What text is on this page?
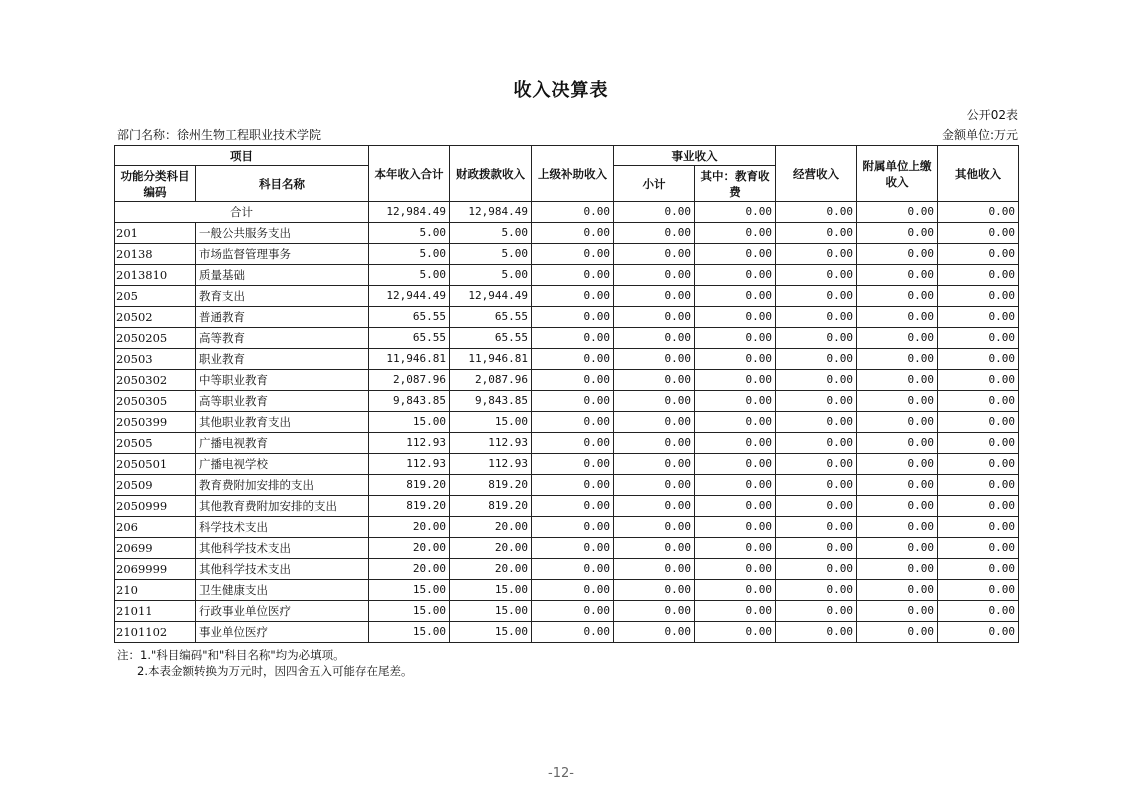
收入决算表
公开02表
部门名称：徐州生物工程职业技术学院	金额单位:万元
项目		本年收入合计	财政拨款收入	上级补助收入	事业收入		经营收入	附属单位上缴收入	其他收入
功能分类科目编码	科目名称				小计	其中：教育收费			
合计		12,984.49	12,984.49	0.00	0.00	0.00	0.00	0.00	0.00
201	一般公共服务支出	5.00	5.00	0.00	0.00	0.00	0.00	0.00	0.00
20138	市场监督管理事务	5.00	5.00	0.00	0.00	0.00	0.00	0.00	0.00
2013810	质量基础	5.00	5.00	0.00	0.00	0.00	0.00	0.00	0.00
205	教育支出	12,944.49	12,944.49	0.00	0.00	0.00	0.00	0.00	0.00
20502	普通教育	65.55	65.55	0.00	0.00	0.00	0.00	0.00	0.00
2050205	高等教育	65.55	65.55	0.00	0.00	0.00	0.00	0.00	0.00
20503	职业教育	11,946.81	11,946.81	0.00	0.00	0.00	0.00	0.00	0.00
2050302	中等职业教育	2,087.96	2,087.96	0.00	0.00	0.00	0.00	0.00	0.00
2050305	高等职业教育	9,843.85	9,843.85	0.00	0.00	0.00	0.00	0.00	0.00
2050399	其他职业教育支出	15.00	15.00	0.00	0.00	0.00	0.00	0.00	0.00
20505	广播电视教育	112.93	112.93	0.00	0.00	0.00	0.00	0.00	0.00
2050501	广播电视学校	112.93	112.93	0.00	0.00	0.00	0.00	0.00	0.00
20509	教育费附加安排的支出	819.20	819.20	0.00	0.00	0.00	0.00	0.00	0.00
2050999	其他教育费附加安排的支出	819.20	819.20	0.00	0.00	0.00	0.00	0.00	0.00
206	科学技术支出	20.00	20.00	0.00	0.00	0.00	0.00	0.00	0.00
20699	其他科学技术支出	20.00	20.00	0.00	0.00	0.00	0.00	0.00	0.00
2069999	其他科学技术支出	20.00	20.00	0.00	0.00	0.00	0.00	0.00	0.00
210	卫生健康支出	15.00	15.00	0.00	0.00	0.00	0.00	0.00	0.00
21011	行政事业单位医疗	15.00	15.00	0.00	0.00	0.00	0.00	0.00	0.00
2101102	事业单位医疗	15.00	15.00	0.00	0.00	0.00	0.00	0.00	0.00
注：1."科目编码"和"科目名称"均为必填项。
2.本表金额转换为万元时，因四舍五入可能存在尾差。
-12-
